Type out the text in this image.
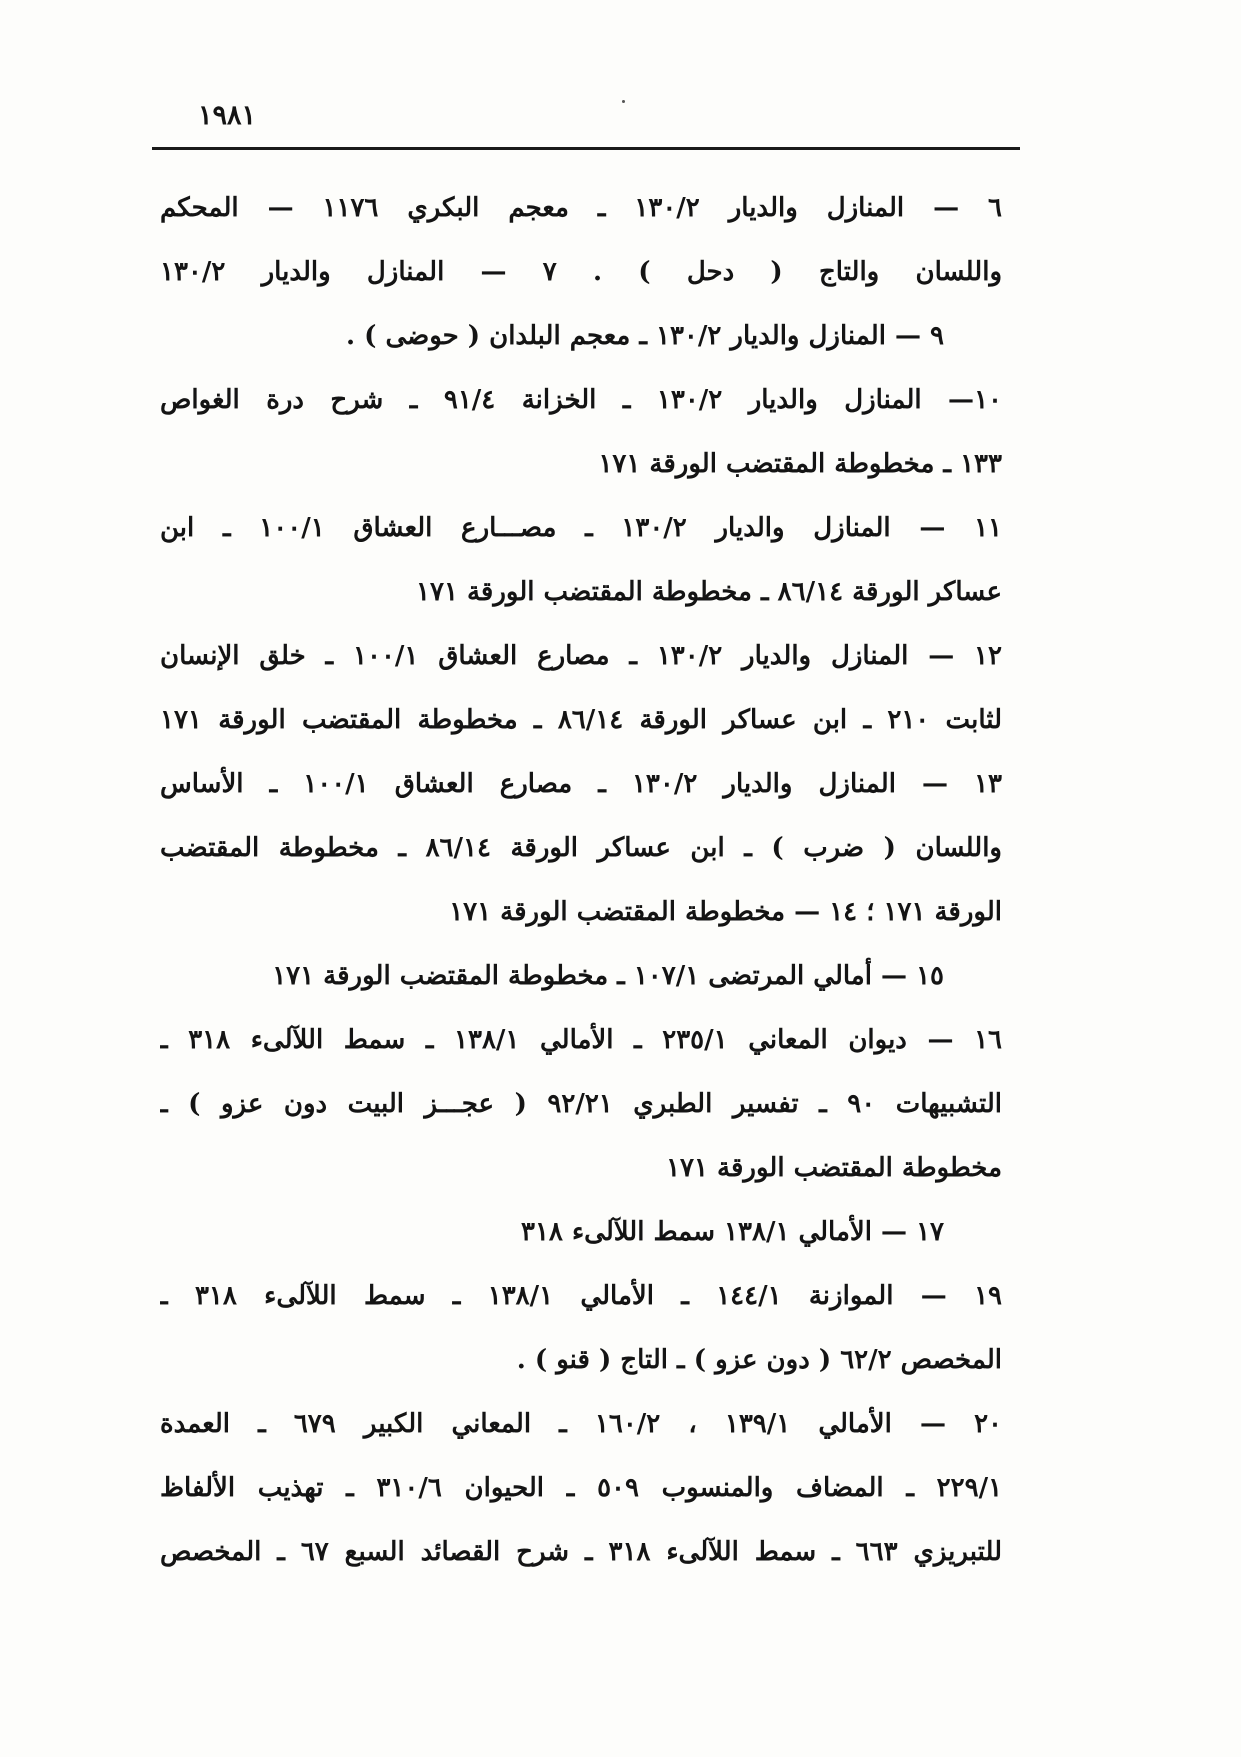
١٩٨١
٦ — المنازل والديار ١٣٠/٢ ـ معجم البكري ١١٧٦ — المحكم
واللسان والتاج ( دحل ) . ٧ — المنازل والديار ١٣٠/٢
٩ — المنازل والديار ١٣٠/٢ ـ معجم البلدان ( حوضى ) .
١٠— المنازل والديار ١٣٠/٢ ـ الخزانة ٩١/٤ ـ شرح درة الغواص
١٣٣ ـ مخطوطة المقتضب الورقة ١٧١
١١ — المنازل والديار ١٣٠/٢ ـ مصـــارع العشاق ١٠٠/١ ـ ابن
عساكر الورقة ٨٦/١٤ ـ مخطوطة المقتضب الورقة ١٧١
١٢ — المنازل والديار ١٣٠/٢ ـ مصارع العشاق ١٠٠/١ ـ خلق الإنسان
لثابت ٢١٠ ـ ابن عساكر الورقة ٨٦/١٤ ـ مخطوطة المقتضب الورقة ١٧١
١٣ — المنازل والديار ١٣٠/٢ ـ مصارع العشاق ١٠٠/١ ـ الأساس
واللسان ( ضرب ) ـ ابن عساكر الورقة ٨٦/١٤ ـ مخطوطة المقتضب
الورقة ١٧١ ؛ ١٤ — مخطوطة المقتضب الورقة ١٧١
١٥ — أمالي المرتضى ١٠٧/١ ـ مخطوطة المقتضب الورقة ١٧١
١٦ — ديوان المعاني ٢٣٥/١ ـ الأمالي ١٣٨/١ ـ سمط اللآلىء ٣١٨ ـ
التشبيهات ٩٠ ـ تفسير الطبري ٩٢/٢١ ( عجـــز البيت دون عزو ) ـ
مخطوطة المقتضب الورقة ١٧١
١٧ — الأمالي ١٣٨/١ سمط اللآلىء ٣١٨
١٩ — الموازنة ١٤٤/١ ـ الأمالي ١٣٨/١ ـ سمط اللآلىء ٣١٨ ـ
المخصص ٦٢/٢ ( دون عزو ) ـ التاج ( قنو ) .
٢٠ — الأمالي ١٣٩/١ ، ١٦٠/٢ ـ المعاني الكبير ٦٧٩ ـ العمدة
٢٢٩/١ ـ المضاف والمنسوب ٥٠٩ ـ الحيوان ٣١٠/٦ ـ تهذيب الألفاظ
للتبريزي ٦٦٣ ـ سمط اللآلىء ٣١٨ ـ شرح القصائد السبع ٦٧ ـ المخصص
